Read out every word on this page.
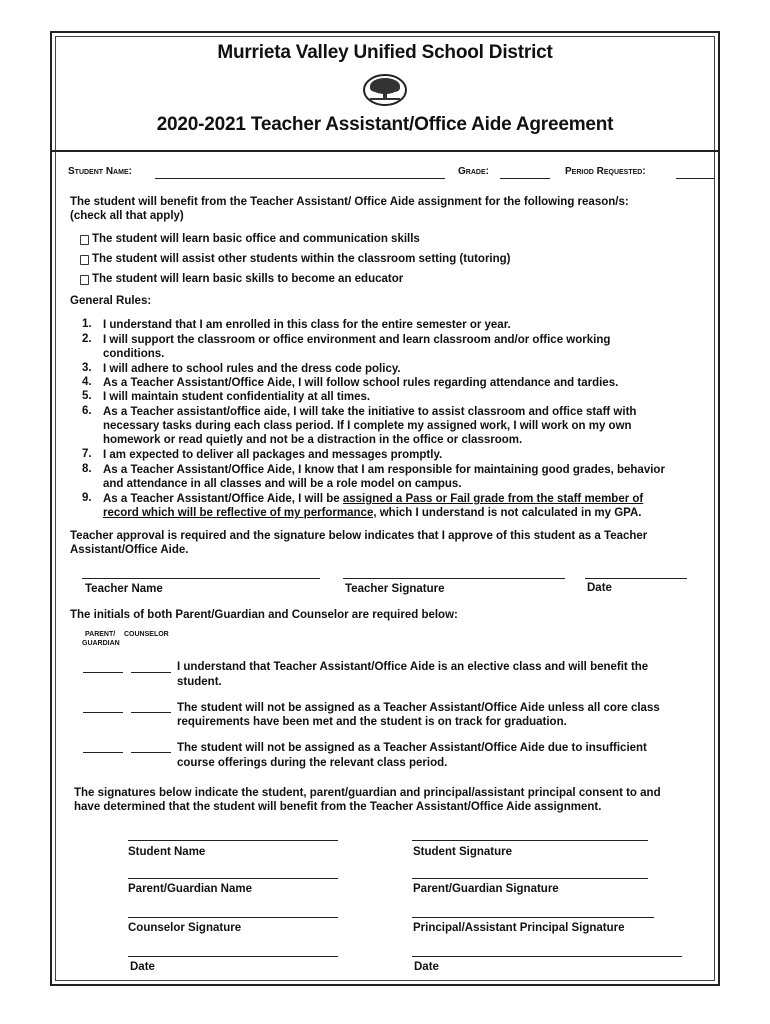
Murrieta Valley Unified School District
2020-2021 Teacher Assistant/Office Aide Agreement
Student Name:	Grade:	Period Requested:
The student will benefit from the Teacher Assistant/ Office Aide assignment for the following reason/s:
(check all that apply)
The student will learn basic office and communication skills
The student will assist other students within the classroom setting (tutoring)
The student will learn basic skills to become an educator
General Rules:
1. I understand that I am enrolled in this class for the entire semester or year.
2. I will support the classroom or office environment and learn classroom and/or office working
conditions.
3. I will adhere to school rules and the dress code policy.
4. As a Teacher Assistant/Office Aide, I will follow school rules regarding attendance and tardies.
5. I will maintain student confidentiality at all times.
6. As a Teacher assistant/office aide, I will take the initiative to assist classroom and office staff with
necessary tasks during each class period. If I complete my assigned work, I will work on my own
homework or read quietly and not be a distraction in the office or classroom.
7. I am expected to deliver all packages and messages promptly.
8. As a Teacher Assistant/Office Aide, I know that I am responsible for maintaining good grades, behavior
and attendance in all classes and will be a role model on campus.
9. As a Teacher Assistant/Office Aide, I will be assigned a Pass or Fail grade from the staff member of
record which will be reflective of my performance, which I understand is not calculated in my GPA.
Teacher approval is required and the signature below indicates that I approve of this student as a Teacher
Assistant/Office Aide.
Teacher Name	Teacher Signature	Date
The initials of both Parent/Guardian and Counselor are required below:
PARENT/ COUNSELOR
GUARDIAN
I understand that Teacher Assistant/Office Aide is an elective class and will benefit the
student.
The student will not be assigned as a Teacher Assistant/Office Aide unless all core class
requirements have been met and the student is on track for graduation.
The student will not be assigned as a Teacher Assistant/Office Aide due to insufficient
course offerings during the relevant class period.
The signatures below indicate the student, parent/guardian and principal/assistant principal consent to and
have determined that the student will benefit from the Teacher Assistant/Office Aide assignment.
Student Name	Student Signature
Parent/Guardian Name	Parent/Guardian Signature
Counselor Signature	Principal/Assistant Principal Signature
Date	Date
